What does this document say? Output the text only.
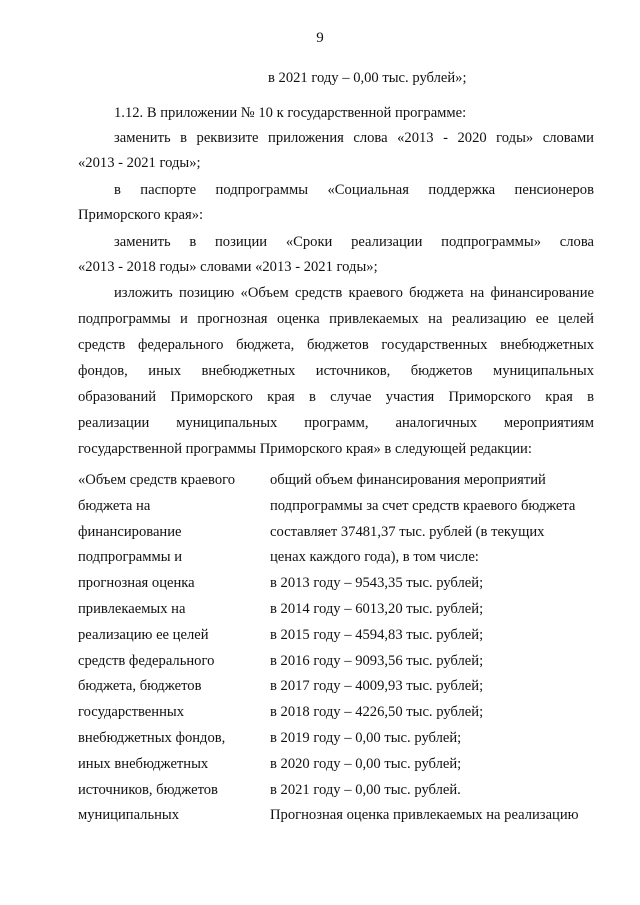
9
в 2021 году – 0,00 тыс. рублей»;
1.12. В приложении № 10 к государственной программе:
заменить в реквизите приложения слова «2013 - 2020 годы» словами
«2013 - 2021 годы»;
в паспорте подпрограммы «Социальная поддержка пенсионеров
Приморского края»:
заменить в позиции «Сроки реализации подпрограммы» слова
«2013 - 2018 годы» словами «2013 - 2021 годы»;
изложить позицию «Объем средств краевого бюджета на финансирование
подпрограммы и прогнозная оценка привлекаемых на реализацию ее целей
средств федерального бюджета, бюджетов государственных внебюджетных
фондов, иных внебюджетных источников, бюджетов муниципальных
образований Приморского края в случае участия Приморского края в
реализации муниципальных программ, аналогичных мероприятиям
государственной программы Приморского края» в следующей редакции:
«Объем средств краевого
бюджета на
финансирование
подпрограммы и
прогнозная оценка
привлекаемых на
реализацию ее целей
средств федерального
бюджета, бюджетов
государственных
внебюджетных фондов,
иных внебюджетных
источников, бюджетов
муниципальных
общий объем финансирования мероприятий
подпрограммы за счет средств краевого бюджета
составляет 37481,37 тыс. рублей (в текущих
ценах каждого года), в том числе:
в 2013 году – 9543,35 тыс. рублей;
в 2014 году – 6013,20 тыс. рублей;
в 2015 году – 4594,83 тыс. рублей;
в 2016 году – 9093,56 тыс. рублей;
в 2017 году – 4009,93 тыс. рублей;
в 2018 году – 4226,50 тыс. рублей;
в 2019 году – 0,00 тыс. рублей;
в 2020 году – 0,00 тыс. рублей;
в 2021 году – 0,00 тыс. рублей.
Прогнозная оценка привлекаемых на реализацию
